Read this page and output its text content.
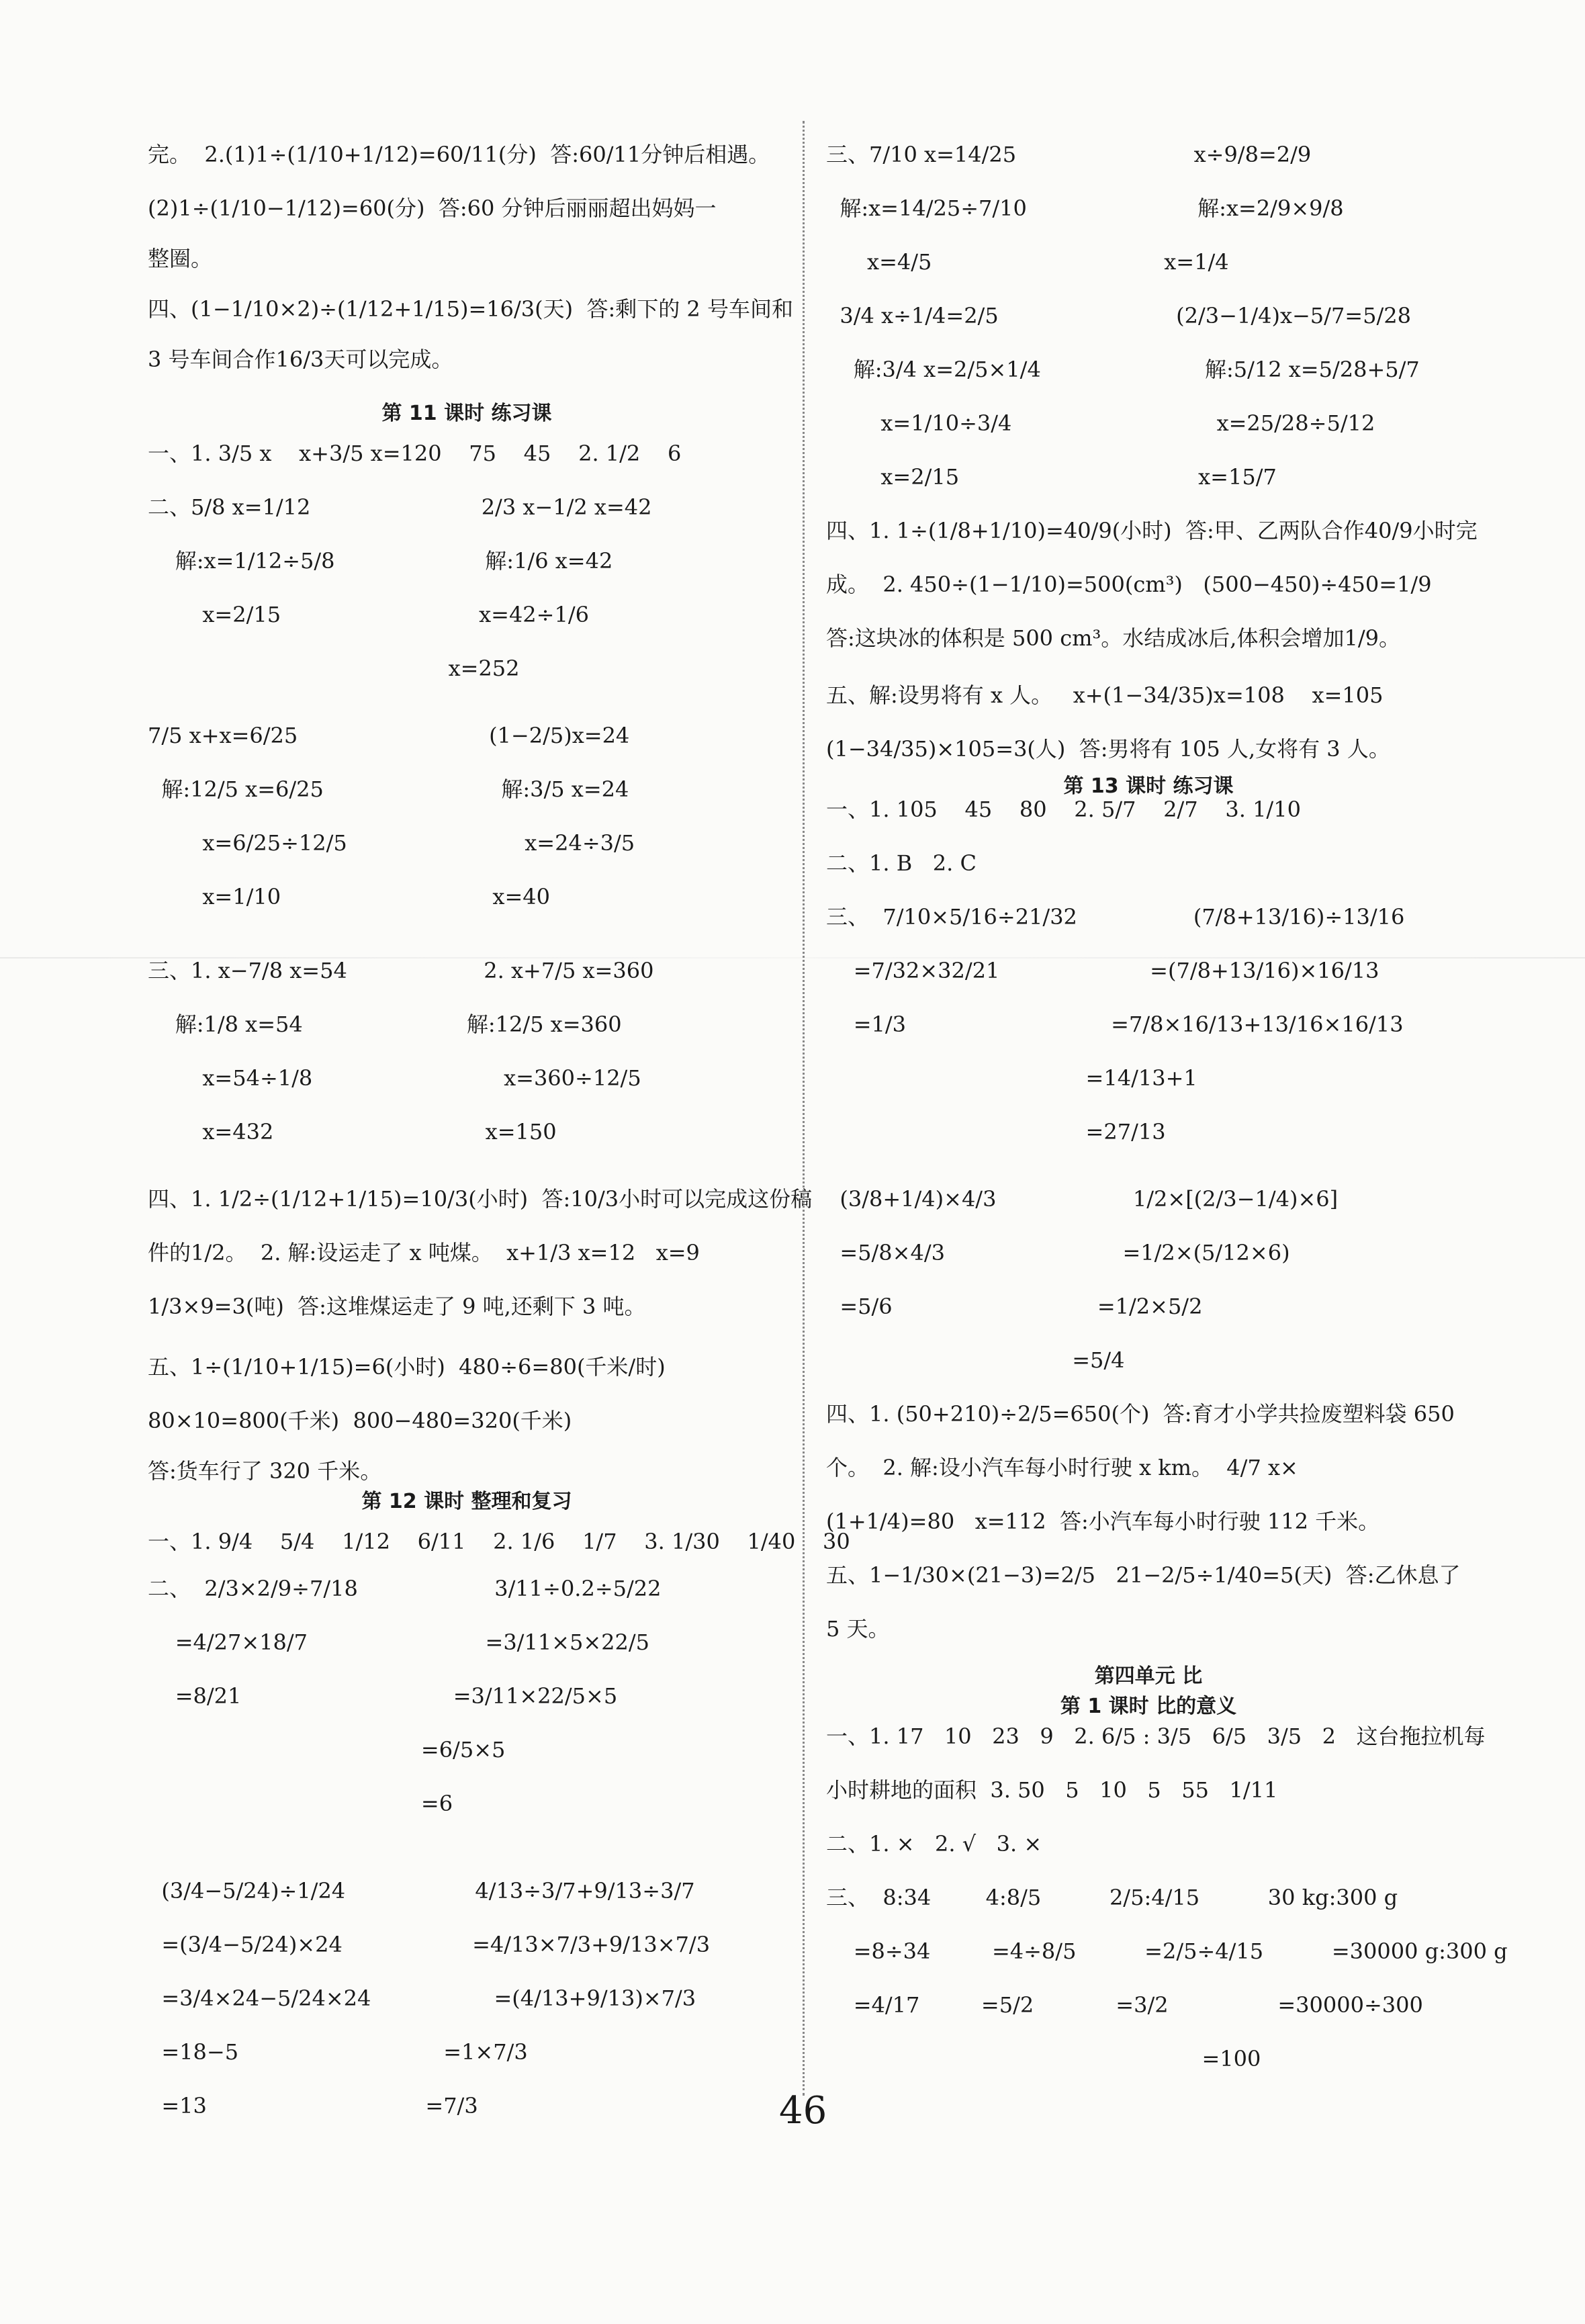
第 11 课时 练习课
第 12 课时 整理和复习
完。  2.(1)1÷(1/10+1/12)=60/11(分)  答:60/11分钟后相遇。
(2)1÷(1/10−1/12)=60(分)  答:60 分钟后丽丽超出妈妈一
整圈。
四、(1−1/10×2)÷(1/12+1/15)=16/3(天)  答:剩下的 2 号车间和
3 号车间合作16/3天可以完成。
一、1. 3/5 x    x+3/5 x=120    75    45    2. 1/2    6
二、5/8 x=1/12                         2/3 x−1/2 x=42
解:x=1/12÷5/8                      解:1/6 x=42
x=2/15                             x=42÷1/6
x=252
7/5 x+x=6/25                            (1−2/5)x=24
解:12/5 x=6/25                          解:3/5 x=24
x=6/25÷12/5                          x=24÷3/5
x=1/10                               x=40
三、1. x−7/8 x=54                    2. x+7/5 x=360
解:1/8 x=54                        解:12/5 x=360
x=54÷1/8                            x=360÷12/5
x=432                               x=150
四、1. 1/2÷(1/12+1/15)=10/3(小时)  答:10/3小时可以完成这份稿
件的1/2。  2. 解:设运走了 x 吨煤。  x+1/3 x=12   x=9
1/3×9=3(吨)  答:这堆煤运走了 9 吨,还剩下 3 吨。
五、1÷(1/10+1/15)=6(小时)  480÷6=80(千米/时)
80×10=800(千米)  800−480=320(千米)
答:货车行了 320 千米。
一、1. 9/4    5/4    1/12    6/11    2. 1/6    1/7    3. 1/30    1/40    30
二、  2/3×2/9÷7/18                    3/11÷0.2÷5/22
=4/27×18/7                          =3/11×5×22/5
=8/21                               =3/11×22/5×5
=6/5×5
=6
(3/4−5/24)÷1/24                   4/13÷3/7+9/13÷3/7
=(3/4−5/24)×24                   =4/13×7/3+9/13×7/3
=3/4×24−5/24×24                  =(4/13+9/13)×7/3
=18−5                              =1×7/3
=13                                =7/3
第 13 课时 练习课
第四单元 比
第 1 课时 比的意义
三、7/10 x=14/25                          x÷9/8=2/9
解:x=14/25÷7/10                         解:x=2/9×9/8
x=4/5                                  x=1/4
3/4 x÷1/4=2/5                          (2/3−1/4)x−5/7=5/28
解:3/4 x=2/5×1/4                        解:5/12 x=5/28+5/7
x=1/10÷3/4                              x=25/28÷5/12
x=2/15                                   x=15/7
四、1. 1÷(1/8+1/10)=40/9(小时)  答:甲、乙两队合作40/9小时完
成。  2. 450÷(1−1/10)=500(cm³)   (500−450)÷450=1/9
答:这块冰的体积是 500 cm³。水结成冰后,体积会增加1/9。
五、解:设男将有 x 人。   x+(1−34/35)x=108    x=105
(1−34/35)×105=3(人)  答:男将有 105 人,女将有 3 人。
一、1. 105    45    80    2. 5/7    2/7    3. 1/10
二、1. B   2. C
三、  7/10×5/16÷21/32                 (7/8+13/16)÷13/16
=7/32×32/21                      =(7/8+13/16)×16/13
=1/3                              =7/8×16/13+13/16×16/13
=14/13+1
=27/13
(3/8+1/4)×4/3                    1/2×[(2/3−1/4)×6]
=5/8×4/3                          =1/2×(5/12×6)
=5/6                              =1/2×5/2
=5/4
四、1. (50+210)÷2/5=650(个)  答:育才小学共捡废塑料袋 650
个。  2. 解:设小汽车每小时行驶 x km。  4/7 x×
(1+1/4)=80   x=112  答:小汽车每小时行驶 112 千米。
五、1−1/30×(21−3)=2/5   21−2/5÷1/40=5(天)  答:乙休息了
5 天。
一、1. 17   10   23   9   2. 6/5 : 3/5   6/5   3/5   2   这台拖拉机每
小时耕地的面积  3. 50   5   10   5   55   1/11
二、1. ×   2. √   3. ×
三、  8:34        4:8/5          2/5:4/15          30 kg:300 g
=8÷34         =4÷8/5          =2/5÷4/15          =30000 g:300 g
=4/17         =5/2            =3/2                =30000÷300
=100
46
